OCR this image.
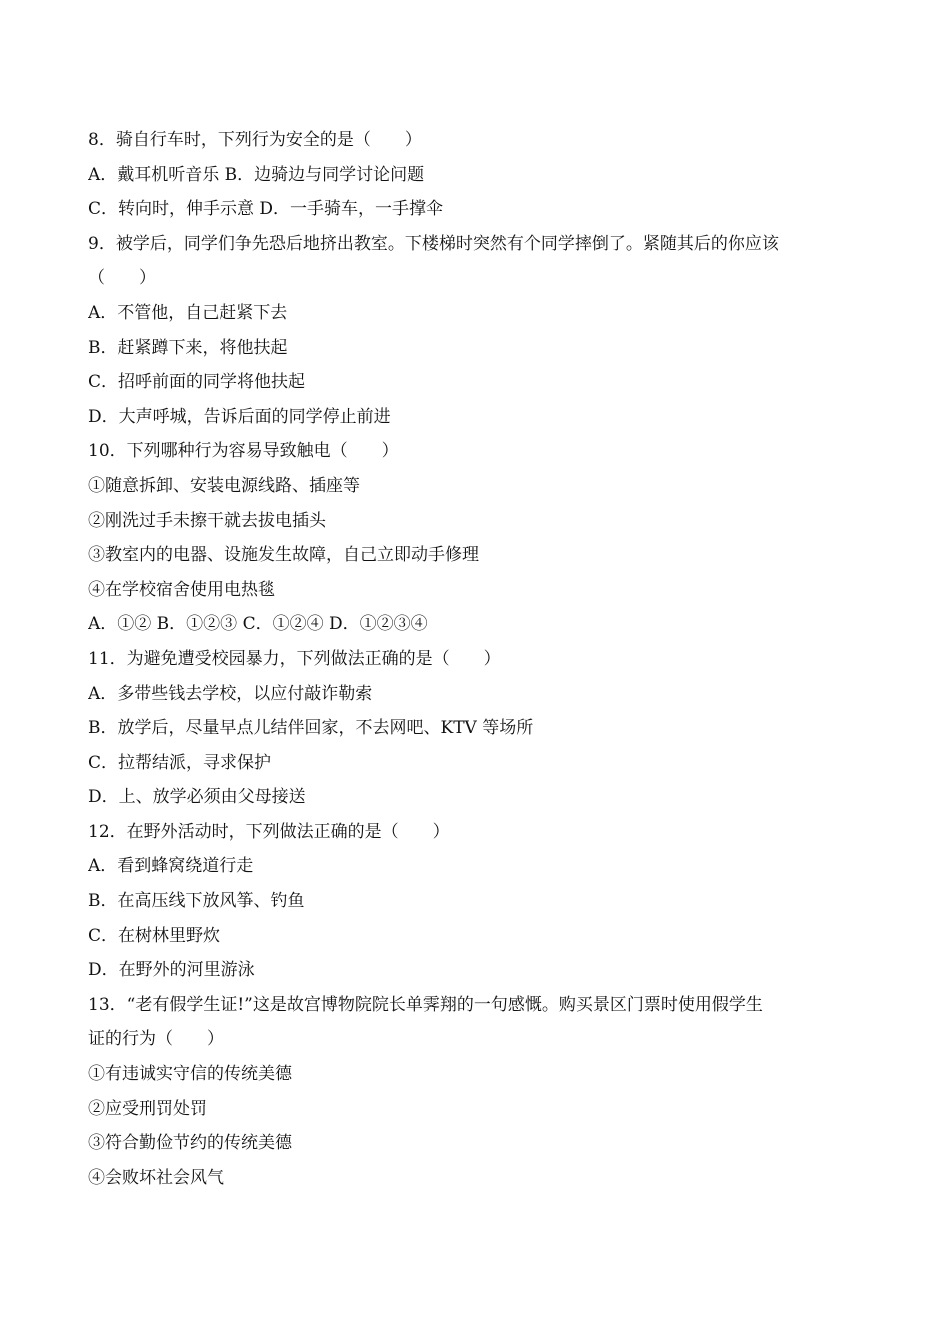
8．骑自行车时，下列行为安全的是（　　）
A．戴耳机听音乐 B．边骑边与同学讨论问题
C．转向时，伸手示意 D．一手骑车，一手撑伞
9．被学后，同学们争先恐后地挤出教室。下楼梯时突然有个同学摔倒了。紧随其后的你应该
（　　）
A．不管他，自己赶紧下去
B．赶紧蹲下来，将他扶起
C．招呼前面的同学将他扶起
D．大声呼城，告诉后面的同学停止前进
10．下列哪种行为容易导致触电（　　）
①随意拆卸、安装电源线路、插座等
②刚洗过手未擦干就去拔电插头
③教室内的电器、设施发生故障，自己立即动手修理
④在学校宿舍使用电热毯
A．①② B．①②③ C．①②④ D．①②③④
11．为避免遭受校园暴力，下列做法正确的是（　　）
A．多带些钱去学校，以应付敲诈勒索
B．放学后，尽量早点儿结伴回家，不去网吧、KTV 等场所
C．拉帮结派，寻求保护
D．上、放学必须由父母接送
12．在野外活动时，下列做法正确的是（　　）
A．看到蜂窝绕道行走
B．在高压线下放风筝、钓鱼
C．在树林里野炊
D．在野外的河里游泳
13．“老有假学生证!”这是故宫博物院院长单霁翔的一句感慨。购买景区门票时使用假学生
证的行为（　　）
①有违诚实守信的传统美德
②应受刑罚处罚
③符合勤俭节约的传统美德
④会败坏社会风气
